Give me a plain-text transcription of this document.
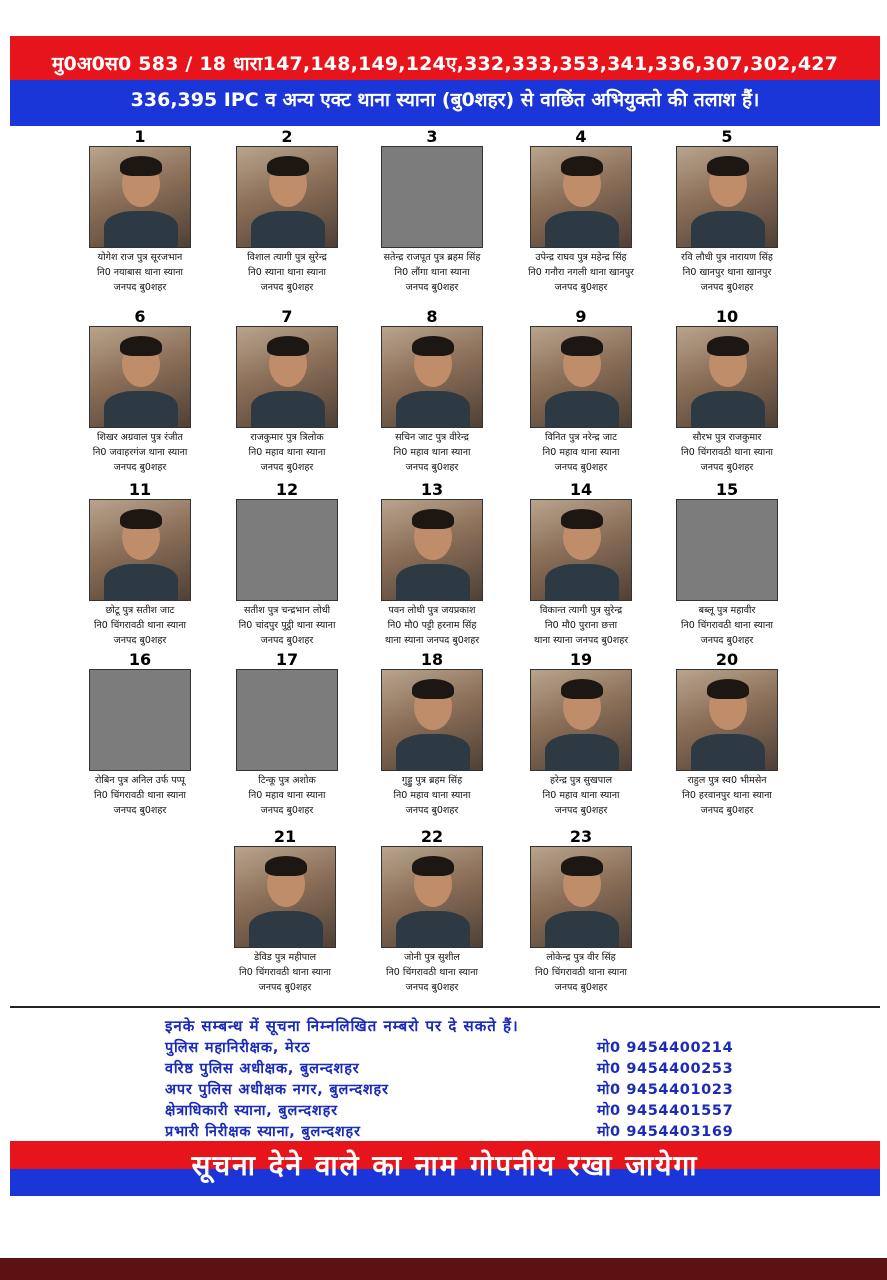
मु0अ0स0 583 / 18 धारा147,148,149,124ए,332,333,353,341,336,307,302,427
336,395 IPC व अन्य एक्ट थाना स्याना (बु0शहर) से वाछिंत अभियुक्तो की तलाश हैं।
1
योगेश राज पुत्र सूरजभान
नि0 नयाबास थाना स्याना
जनपद बु0शहर
2
विशाल त्यागी पुत्र सुरेन्द्र
नि0 स्याना थाना स्याना
जनपद बु0शहर
3
सतेन्द्र राजपूत पुत्र ब्रहम सिंह
नि0 लौंगा थाना स्याना
जनपद बु0शहर
4
उपेन्द्र राघव पुत्र महेन्द्र सिंह
नि0 गनौरा नगली थाना खानपुर
जनपद बु0शहर
5
रवि लौधी पुत्र नारायण सिंह
नि0 खानपुर थाना खानपुर
जनपद बु0शहर
6
शिखर अग्रवाल पुत्र रंजीत
नि0 जवाहरगंज थाना स्याना
जनपद बु0शहर
7
राजकुमार पुत्र त्रिलोक
नि0 महाव थाना स्याना
जनपद बु0शहर
8
सचिन जाट पुत्र वीरेन्द्र
नि0 महाव थाना स्याना
जनपद बु0शहर
9
विनित पुत्र नरेन्द्र जाट
नि0 महाव थाना स्याना
जनपद बु0शहर
10
सौरभ पुत्र राजकुमार
नि0 चिंगरावठी थाना स्याना
जनपद बु0शहर
11
छोटू पुत्र सतीश जाट
नि0 चिंगरावठी थाना स्याना
जनपद बु0शहर
12
सतीश पुत्र चन्द्रभान लोधी
नि0 चांदपुर पुट्ठी थाना स्याना
जनपद बु0शहर
13
पवन लोधी पुत्र जयप्रकाश
नि0 मौ0 पट्टी हरनाम सिंह
थाना स्याना जनपद बु0शहर
14
विकान्त त्यागी पुत्र सुरेन्द्र
नि0 मौ0 पुराना छत्ता
थाना स्याना जनपद बु0शहर
15
बब्लू पुत्र महावीर
नि0 चिंगरावठी थाना स्याना
जनपद बु0शहर
16
रोबिन पुत्र अनिल उर्फ पप्पू
नि0 चिंगरावठी थाना स्याना
जनपद बु0शहर
17
टिन्कू पुत्र अशोक
नि0 महाव थाना स्याना
जनपद बु0शहर
18
गुड्डु पुत्र ब्रहम सिंह
नि0 महाव थाना स्याना
जनपद बु0शहर
19
हरेन्द्र पुत्र सुखपाल
नि0 महाव थाना स्याना
जनपद बु0शहर
20
राहुल पुत्र स्व0 भीमसेन
नि0 हरवानपुर थाना स्याना
जनपद बु0शहर
21
डेविड पुत्र महीपाल
नि0 चिंगरावठी थाना स्याना
जनपद बु0शहर
22
जोनी पुत्र सुशील
नि0 चिंगरावठी थाना स्याना
जनपद बु0शहर
23
लोकेन्द्र पुत्र वीर सिंह
नि0 चिंगरावठी थाना स्याना
जनपद बु0शहर
इनके सम्बन्ध में सूचना निम्नलिखित नम्बरो पर दे सकते हैं।
पुलिस महानिरीक्षक, मेरठ	मो0 9454400214
वरिष्ठ पुलिस अधीक्षक, बुलन्दशहर	मो0 9454400253
अपर पुलिस अधीक्षक नगर, बुलन्दशहर	मो0 9454401023
क्षेत्राधिकारी स्याना, बुलन्दशहर	मो0 9454401557
प्रभारी निरीक्षक स्याना, बुलन्दशहर	मो0 9454403169
सूचना देने वाले का नाम गोपनीय रखा जायेगा
